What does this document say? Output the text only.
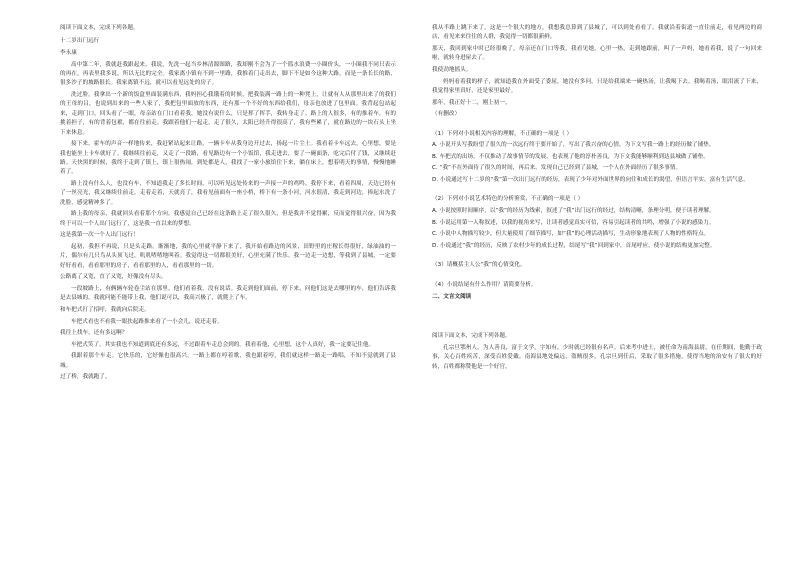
阅读下面文本，完成下列各题。

十二岁出门远行

李永康

高中第二年，我就赶我跟起来。我说，先洗一起当乡林清源图路，我却刚不会为了一个篮水浪费一小圈价头，一小圈我不同只表示的再在，再表里我多说，所以无比的完全。我家离小镇有不到一里路，我推着门走出去，脚下不是如今这种大路，而是一条长长的路，很多沙子的坡路很长。我家离镇不远，就可以看见远处的房子。

洗过脸，我拿出一个新的饭盒里面装满东西，我妈担心我饿着的时候，把我装满一路上的一种凳上，让就有人从那里出来了的我们的王母的吕，也说到出来的一些人家了，我把包里面放的东西，还有那一个不好的东西给我们，母亲也放进了包里面。我背起包站起来，走到门口，回头看了一眼，母亲站在门口看着我，她没有说什么，只是挥了挥手，我转身走了。路上的人很多，有的推着车，有的挑着担子，有的背着包袱，都在往前走。我跟着他们一起走，走了很久，太阳已经升得很高了，我有些累了，就在路边的一块石头上坐下来休息。

接下来，霍车的声音一样地传来，我赶紧站起来让路，一辆卡车从我身边开过去，扬起一片尘土。我看着卡车远去，心里想，要是我也能坐上卡车就好了。我继续往前走，又走了一段路，看见路边有一个小饭馆，我走进去，要了一碗面条，吃完后付了钱，又继续赶路。天快黑的时候，我终于走到了镇上，镇上很热闹，到处都是人，我找了一家小旅馆住下来，躺在床上，想着明天的事情，慢慢地睡着了。

路上没有什么人，也没有车，不知道我走了多长时间，可以听见远处传来的一声接一声的鸡鸣。我停下来，看着四周，天边已经有了一丝亮光，我又继续往前走，走着走着，天就亮了，我看见前面有一座小桥，桥下有一条小河，河水很清，我走到河边，捧起水洗了洗脸，感觉精神多了。

路上我的母亲，我就回头看着那个方向。我感觉自己已经在这条路上走了很久很久，但是我并不觉得累，反而觉得很兴奋，因为我终于可以一个人出门远行了，这是我一直以来的梦想。

这是我第一次一个人出门远行！

起初，我担不再说，只是头走路。渐渐地，我的心里就平静下来了，我开始看路边的风景，田野里的庄稼长得很好，绿油油的一片，偶尔有几只鸟从头顶飞过，叽叽喳喳地叫着。我觉得这一切都很美好，心里充满了快乐。我一边走一边想，等我到了县城，一定要好好看看，看看那里的房子，看看那里的人，看看那里的一切。

公路离了又宽，直了又宽，好像没有尽头。

一段坡路上，有俩辆车轮卷尘站在那里。他们看着我，没有说话。我走到他们面前，停下来，问他们这是去哪里的车，他们告诉我是去县城的，我就问能不能带上我，他们说可以，我高兴极了，就爬上了车。

和车把式打了招呼，我就向后院走。

车把式看也不看我一眼扶起路推来看了一小会儿，说还走着。

我往上找车，还有多远啊？

车把式笑了，其实我也不知道到底还有多远，不过跟着车走总会到的。我看着他，心里想，这个人真好，我一定要记住他。

我跟着那个车走。它快乐的，它好像也很高兴，一路上都在哼着歌，我也跟着哼，我们就这样一路走一路唱，不知不觉就到了县城。

过了桥，我就跑了。

我从半路上跳下来了，这是一个很大的地方，我想我总算到了县城了，可以到处看看了。我就沿着街道一直往前走，看见两边的商店，看见来来往往的人群，我觉得一切都很新鲜。

那天，我回到家中时已经很晚了，母亲还在门口等我。我看见她，心里一热，走到她跟前，叫了一声妈，她看着我，说了一句回来啦，就转身进屋去了。

我使劲地摇头。

妈妈看着我的样子，就知道我在外面受了委屈，她没有多问，只是给我端来一碗热汤，让我喝下去。我喝着汤，眼泪流了下来，我觉得家里真好，还是家里最好。

那年，我正好十二，刚上初一。

（有删改）

（1）下列对小说相关内容的理解，不正确的一项是（ ）

A. 小说开头写我盼望了很久的一次远行终于要开始了，写出了我兴奋的心情，为下文写我一路上的经历做了铺垫。

B. 车把式的出场，不仅推动了故事情节的发展，也表现了他的淳朴善良，为下文我能够顺利到达县城做了铺垫。

C. “我”不在外面待了很久的时间，再后来，发现自己已经到了县城，一个人在外面经历了很多事情。

D. 小说通过写十二岁的“我”第一次出门远行的经历，表现了少年对外面世界的向往和成长的渴望，但语言平实，富有生活气息。

（2）下列对小说艺术特色的分析鉴赏，不正确的一项是（ ）

A. 小说按照时间顺序，以“我”的经历为线索，叙述了“我”出门远行的经过，结构清晰，条理分明，便于读者理解。

B. 小说运用第一人称叙述，以我的视角来写，让读者感觉真实可信，容易引起读者的共鸣，增强了小说的感染力。

C. 小说中人物描写较少，但大量使用了细节描写，如“我”的心理活动描写，生动形象地表现了人物的性格特点。

D. 小说通过“我”的经历，反映了农村少年的成长过程，结尾写“我”回到家中，首尾呼应，使小说的结构更加完整。

（3）请概括主人公“我”的心情变化。

（4）小说结尾有什么作用？请简要分析。

二、文言文阅读

阅读下面文本，完成下列各题。

孔宗旦鄂州人，为人善良，富于文学，字知有，少时就已经很有名声。后来考中进士，被任命为南海县尉，在任期间，他勤于政事，关心百姓疾苦，深受百姓爱戴。南海县地处偏远，盗贼很多，孔宗旦到任后，采取了很多措施，使得当地的治安有了很大的好转，百姓都称赞他是一个好官。
